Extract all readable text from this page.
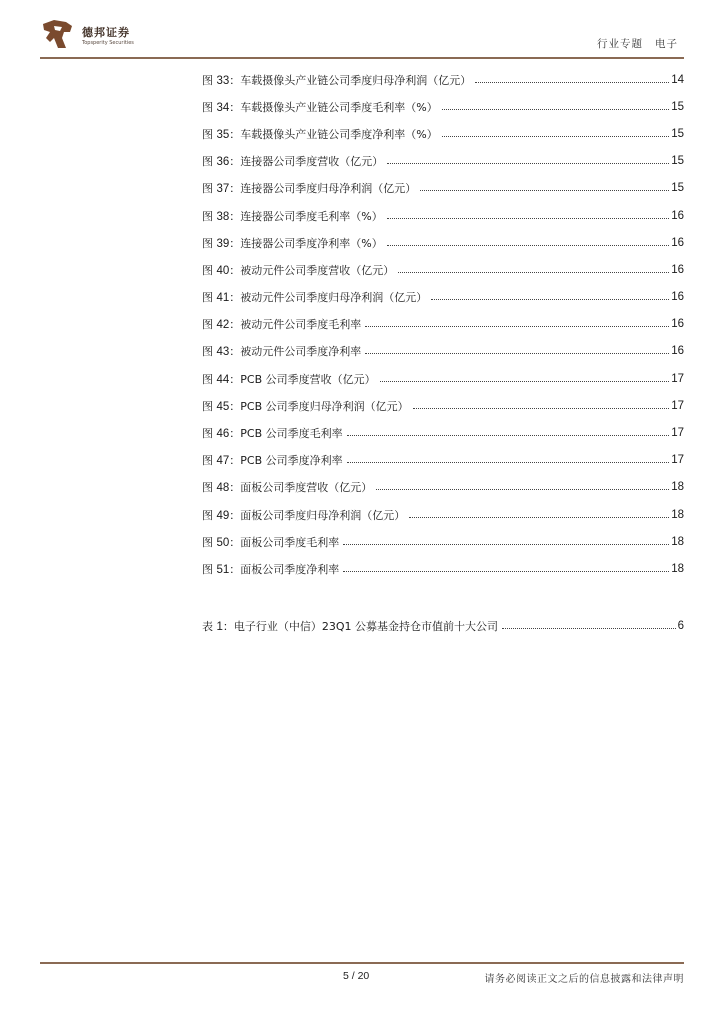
德邦证券
Topsperity Securities	行业专题 电子
图 33：车载摄像头产业链公司季度归母净利润（亿元）	14
图 34：车载摄像头产业链公司季度毛利率（%）	15
图 35：车载摄像头产业链公司季度净利率（%）	15
图 36：连接器公司季度营收（亿元）	15
图 37：连接器公司季度归母净利润（亿元）	15
图 38：连接器公司季度毛利率（%）	16
图 39：连接器公司季度净利率（%）	16
图 40：被动元件公司季度营收（亿元）	16
图 41：被动元件公司季度归母净利润（亿元）	16
图 42：被动元件公司季度毛利率	16
图 43：被动元件公司季度净利率	16
图 44：PCB 公司季度营收（亿元）	17
图 45：PCB 公司季度归母净利润（亿元）	17
图 46：PCB 公司季度毛利率	17
图 47：PCB 公司季度净利率	17
图 48：面板公司季度营收（亿元）	18
图 49：面板公司季度归母净利润（亿元）	18
图 50：面板公司季度毛利率	18
图 51：面板公司季度净利率	18
表 1：电子行业（中信）23Q1 公募基金持仓市值前十大公司	6
5 / 20	请务必阅读正文之后的信息披露和法律声明
